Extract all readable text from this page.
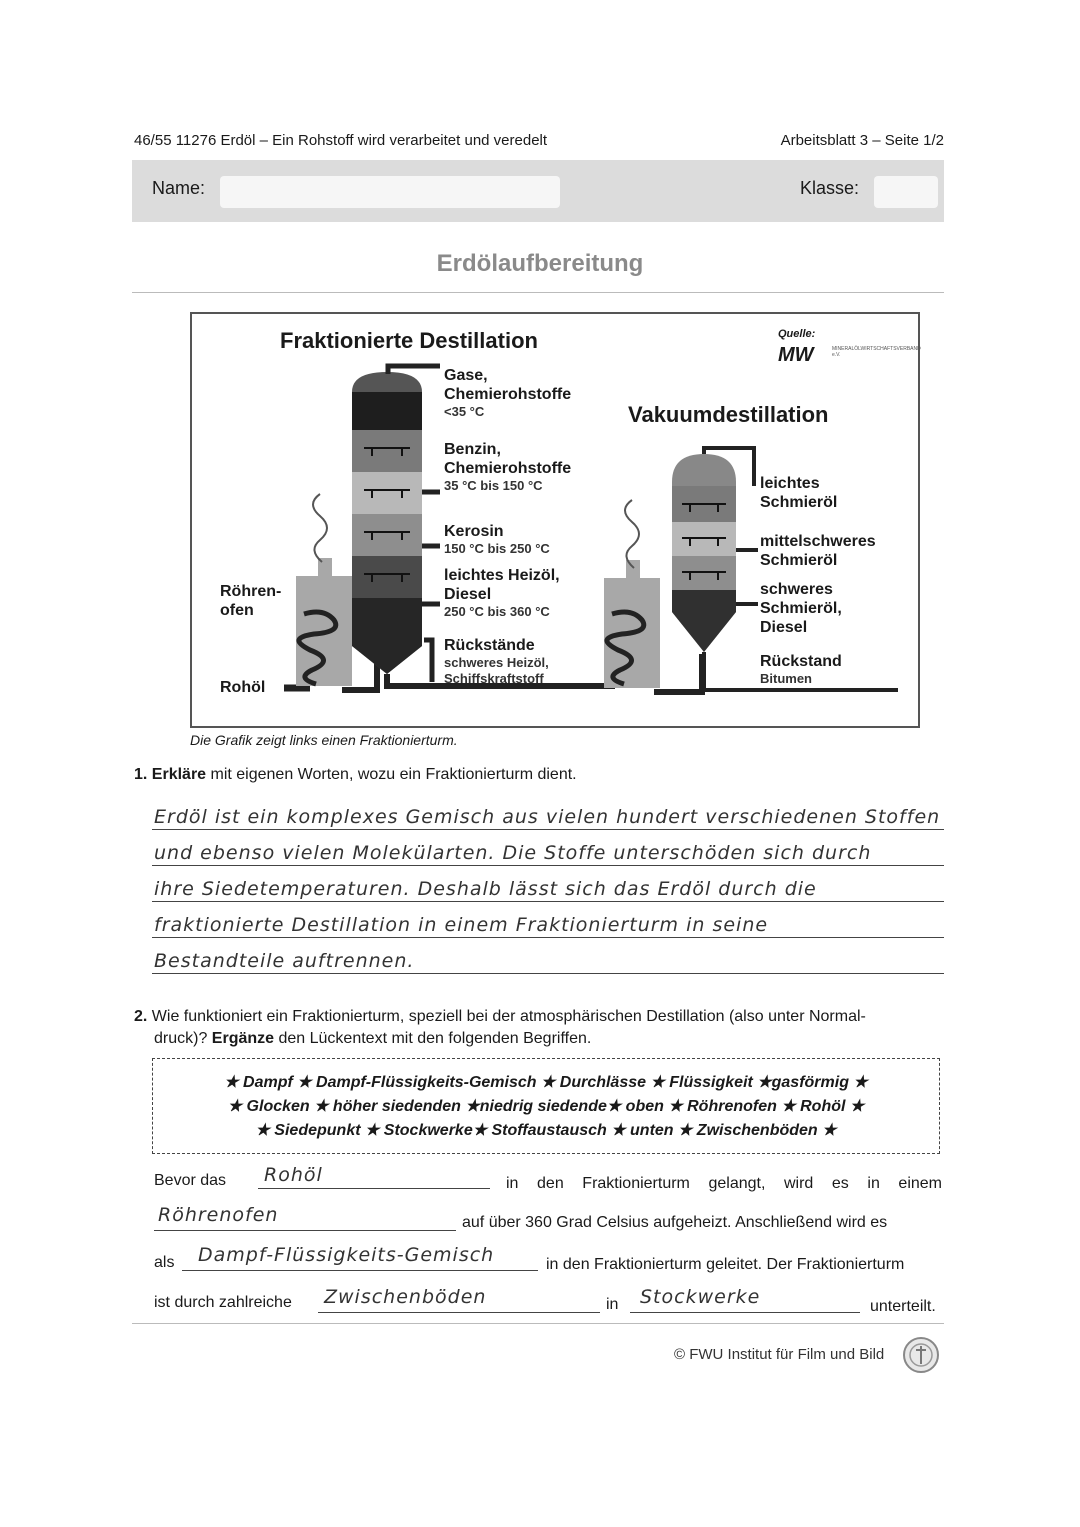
46/55 11276 Erdöl – Ein Rohstoff wird verarbeitet und veredelt	Arbeitsblatt 3 – Seite 1/2
Name:	Klasse:
Erdölaufbereitung
Fraktionierte Destillation
Vakuumdestillation
Quelle:
MW	MINERALÖLWIRTSCHAFTSVERBAND e.V.
Röhren-
ofen
Rohöl
Gase,
Chemierohstoffe
<35 °C
Benzin,
Chemierohstoffe
35 °C bis 150 °C
Kerosin
150 °C bis 250 °C
leichtes Heizöl,
Diesel
250 °C bis 360 °C
Rückstände
schweres Heizöl,
Schiffskraftstoff
leichtes
Schmieröl
mittelschweres
Schmieröl
schweres
Schmieröl,
Diesel
Rückstand
Bitumen
Die Grafik zeigt links einen Fraktionierturm.
1. Erkläre mit eigenen Worten, wozu ein Fraktionierturm dient.
Erdöl ist ein komplexes Gemisch aus vielen hundert verschiedenen Stoffen
und ebenso vielen Molekülarten. Die Stoffe unterschöden sich durch
ihre Siedetemperaturen. Deshalb lässt sich das Erdöl durch die
fraktionierte Destillation in einem Fraktionierturm in seine
Bestandteile auftrennen.
2. Wie funktioniert ein Fraktionierturm, speziell bei der atmosphärischen Destillation (also unter Normal-
druck)? Ergänze den Lückentext mit den folgenden Begriffen.
★ Dampf ★ Dampf-Flüssigkeits-Gemisch ★ Durchlässe ★ Flüssigkeit ★gasförmig ★
★ Glocken ★ höher siedenden ★niedrig siedende★ oben ★ Röhrenofen ★ Rohöl ★
★ Siedepunkt ★ Stockwerke★ Stoffaustausch ★ unten ★ Zwischenböden ★
Bevor das	Rohöl	in den Fraktionierturm gelangt, wird es in einem
Röhrenofen	auf über 360 Grad Celsius aufgeheizt. Anschließend wird es
als	Dampf-Flüssigkeits-Gemisch	in den Fraktionierturm geleitet. Der Fraktionierturm
ist durch zahlreiche	Zwischenböden	in	Stockwerke	unterteilt.
© FWU Institut für Film und Bild
